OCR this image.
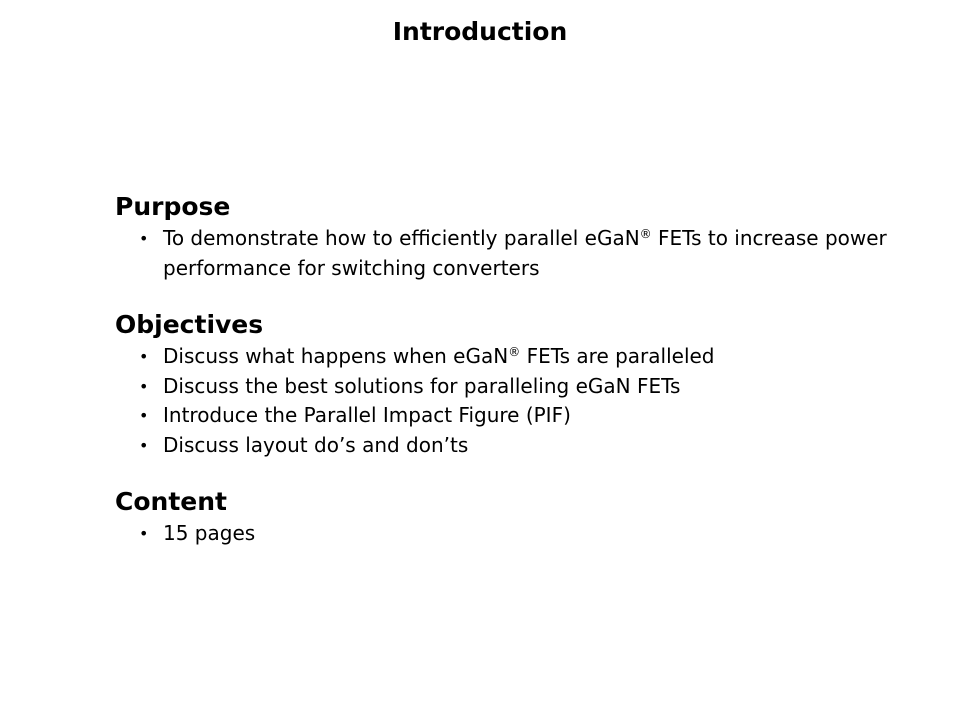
Introduction
Purpose
• To demonstrate how to efficiently parallel eGaN® FETs to increase power performance for switching converters
Objectives
• Discuss what happens when eGaN® FETs are paralleled
• Discuss the best solutions for paralleling eGaN FETs
• Introduce the Parallel Impact Figure (PIF)
• Discuss layout do’s and don’ts
Content
• 15 pages
